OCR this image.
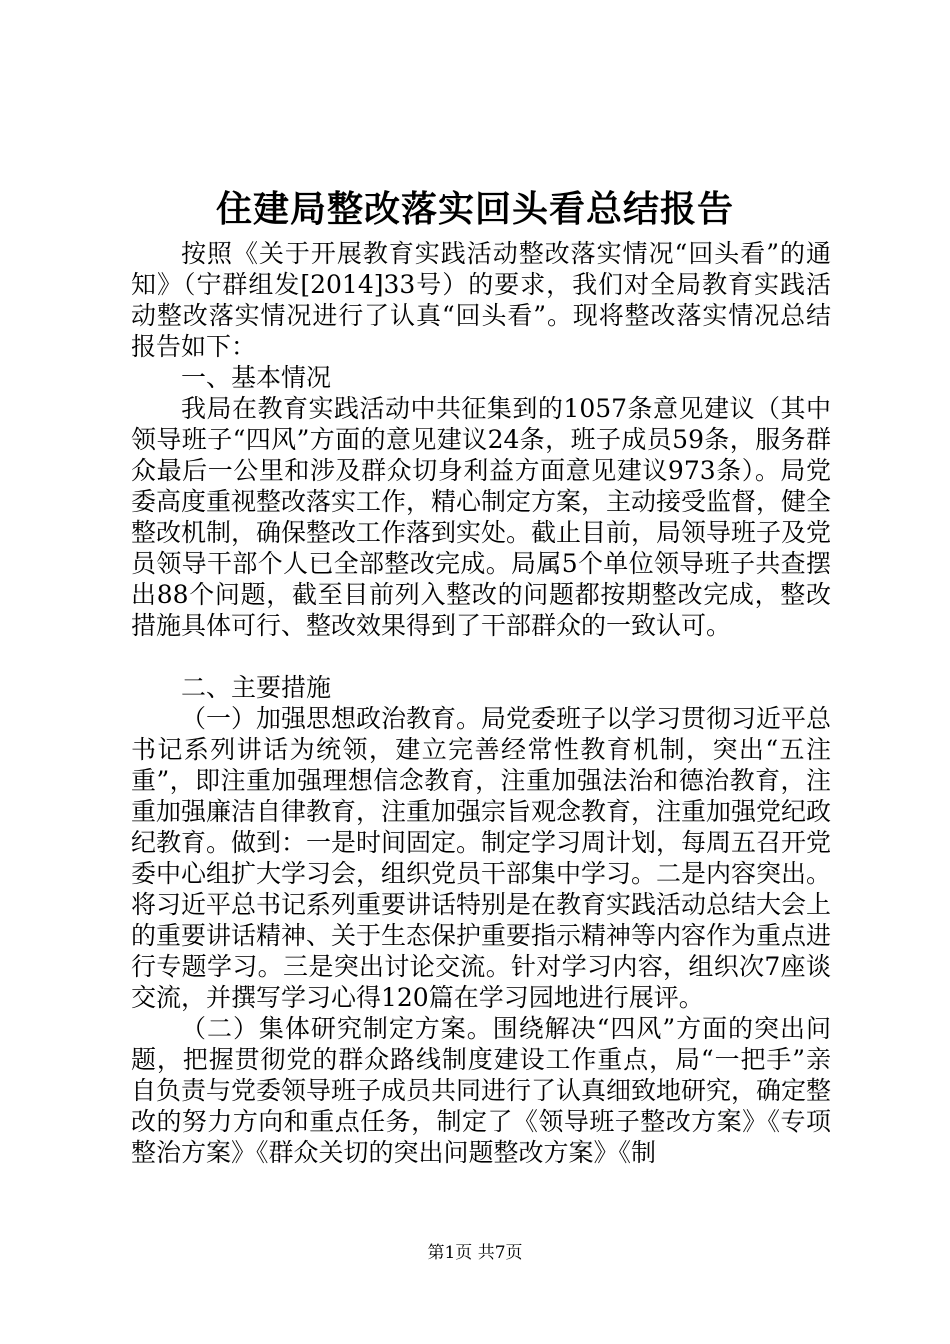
住建局整改落实回头看总结报告

按照《关于开展教育实践活动整改落实情况“回头看”的通知》（宁群组发[2014]33号）的要求，我们对全局教育实践活动整改落实情况进行了认真“回头看”。现将整改落实情况总结报告如下：

一、基本情况

我局在教育实践活动中共征集到的1057条意见建议（其中领导班子“四风”方面的意见建议24条，班子成员59条，服务群众最后一公里和涉及群众切身利益方面意见建议973条）。局党委高度重视整改落实工作，精心制定方案，主动接受监督，健全整改机制，确保整改工作落到实处。截止目前，局领导班子及党员领导干部个人已全部整改完成。局属5个单位领导班子共查摆出88个问题，截至目前列入整改的问题都按期整改完成，整改措施具体可行、整改效果得到了干部群众的一致认可。

二、主要措施

（一）加强思想政治教育。局党委班子以学习贯彻习近平总书记系列讲话为统领，建立完善经常性教育机制，突出“五注重”，即注重加强理想信念教育，注重加强法治和德治教育，注重加强廉洁自律教育，注重加强宗旨观念教育，注重加强党纪政纪教育。做到：一是时间固定。制定学习周计划，每周五召开党委中心组扩大学习会，组织党员干部集中学习。二是内容突出。将习近平总书记系列重要讲话特别是在教育实践活动总结大会上的重要讲话精神、关于生态保护重要指示精神等内容作为重点进行专题学习。三是突出讨论交流。针对学习内容，组织次7座谈交流，并撰写学习心得120篇在学习园地进行展评。

（二）集体研究制定方案。围绕解决“四风”方面的突出问题，把握贯彻党的群众路线制度建设工作重点，局“一把手”亲自负责与党委领导班子成员共同进行了认真细致地研究，确定整改的努力方向和重点任务，制定了《领导班子整改方案》《专项整治方案》《群众关切的突出问题整改方案》《制

第1页 共7页
